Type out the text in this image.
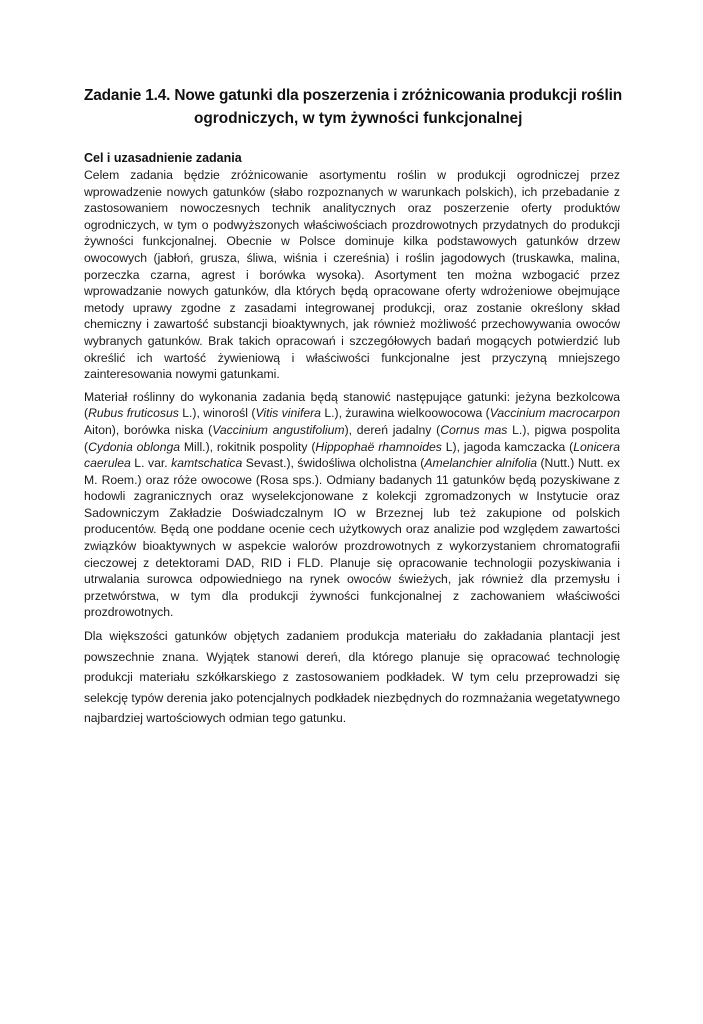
Zadanie 1.4. Nowe gatunki dla poszerzenia i zróżnicowania produkcji roślin
ogrodniczych, w tym żywności funkcjonalnej
Cel i uzasadnienie zadania

Celem zadania będzie zróżnicowanie asortymentu roślin w produkcji ogrodniczej przez wprowadzenie nowych gatunków (słabo rozpoznanych w warunkach polskich), ich przebadanie z zastosowaniem nowoczesnych technik analitycznych oraz poszerzenie oferty produktów ogrodniczych, w tym o podwyższonych właściwościach prozdrowotnych przydatnych do produkcji żywności funkcjonalnej. Obecnie w Polsce dominuje kilka podstawowych gatunków drzew owocowych (jabłoń, grusza, śliwa, wiśnia i czereśnia) i roślin jagodowych (truskawka, malina, porzeczka czarna, agrest i borówka wysoka). Asortyment ten można wzbogacić przez wprowadzanie nowych gatunków, dla których będą opracowane oferty wdrożeniowe obejmujące metody uprawy zgodne z zasadami integrowanej produkcji, oraz zostanie określony skład chemiczny i zawartość substancji bioaktywnych, jak również możliwość przechowywania owoców wybranych gatunków. Brak takich opracowań i szczegółowych badań mogących potwierdzić lub określić ich wartość żywieniową i właściwości funkcjonalne jest przyczyną mniejszego zainteresowania nowymi gatunkami.

Materiał roślinny do wykonania zadania będą stanowić następujące gatunki: jeżyna bezkolcowa (Rubus fruticosus L.), winorośl (Vitis vinifera L.), żurawina wielkoowocowa (Vaccinium macrocarpon Aiton), borówka niska (Vaccinium angustifolium), dereń jadalny (Cornus mas L.), pigwa pospolita (Cydonia oblonga Mill.), rokitnik pospolity (Hippophaë rhamnoides L), jagoda kamczacka (Lonicera caerulea L. var. kamtschatica Sevast.), świdośliwa olcholistna (Amelanchier alnifolia (Nutt.) Nutt. ex M. Roem.) oraz róże owocowe (Rosa sps.). Odmiany badanych 11 gatunków będą pozyskiwane z hodowli zagranicznych oraz wyselekcjonowane z kolekcji zgromadzonych w Instytucie oraz Sadowniczym Zakładzie Doświadczalnym IO w Brzeznej lub też zakupione od polskich producentów. Będą one poddane ocenie cech użytkowych oraz analizie pod względem zawartości związków bioaktywnych w aspekcie walorów prozdrowotnych z wykorzystaniem chromatografii cieczowej z detektorami DAD, RID i FLD. Planuje się opracowanie technologii pozyskiwania i utrwalania surowca odpowiedniego na rynek owoców świeżych, jak również dla przemysłu i przetwórstwa, w tym dla produkcji żywności funkcjonalnej z zachowaniem właściwości prozdrowotnych.

Dla większości gatunków objętych zadaniem produkcja materiału do zakładania plantacji jest powszechnie znana. Wyjątek stanowi dereń, dla którego planuje się opracować technologię produkcji materiału szkółkarskiego z zastosowaniem podkładek. W tym celu przeprowadzi się selekcję typów derenia jako potencjalnych podkładek niezbędnych do rozmnażania wegetatywnego najbardziej wartościowych odmian tego gatunku.
